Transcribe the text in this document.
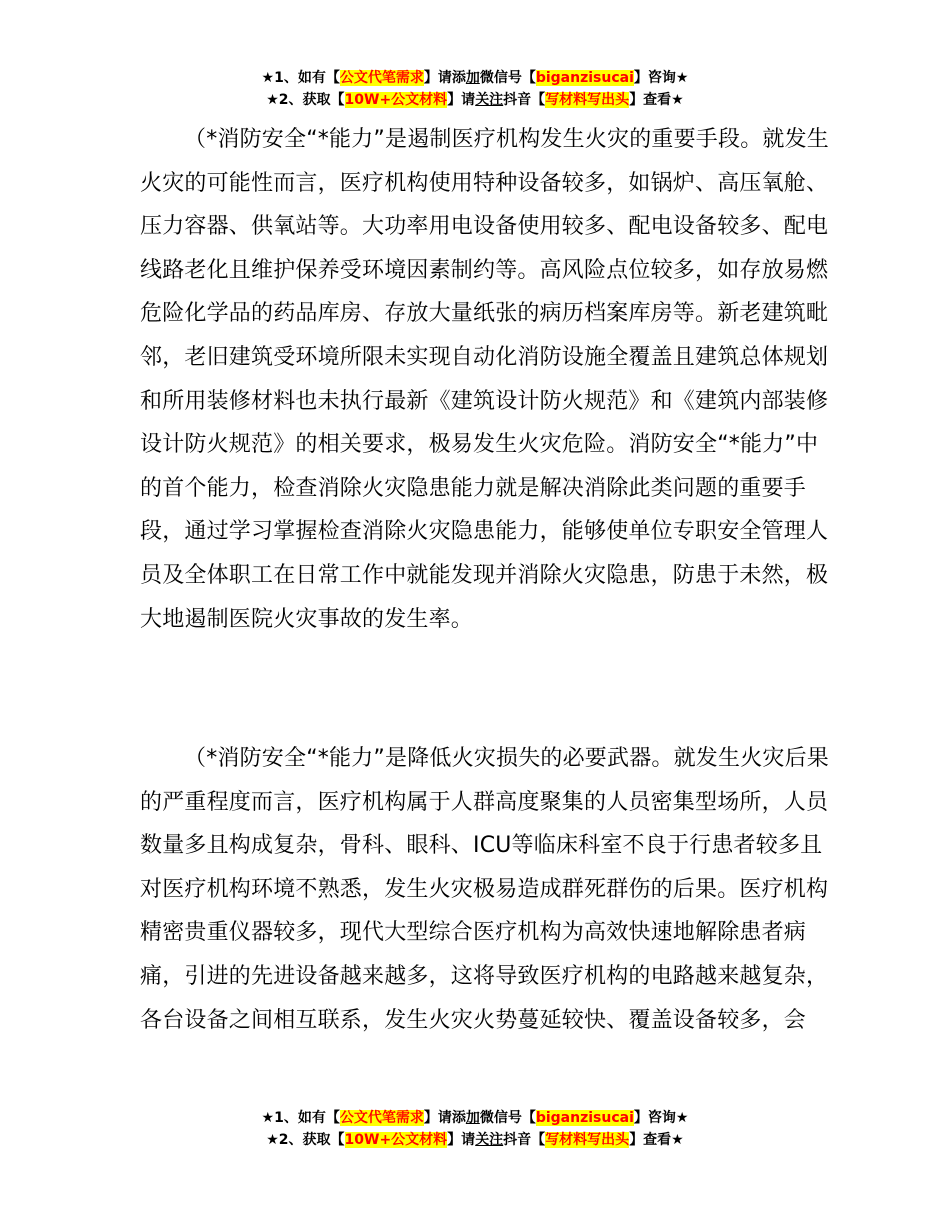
★1、如有【公文代笔需求】请添加微信号【biganzisucai】咨询★
★2、获取【10W+公文材料】请关注抖音【写材料写出头】查看★
（*消防安全“*能力”是遏制医疗机构发生火灾的重要手段。就发生火灾的可能性而言，医疗机构使用特种设备较多，如锅炉、高压氧舱、压力容器、供氧站等。大功率用电设备使用较多、配电设备较多、配电线路老化且维护保养受环境因素制约等。高风险点位较多，如存放易燃危险化学品的药品库房、存放大量纸张的病历档案库房等。新老建筑毗邻，老旧建筑受环境所限未实现自动化消防设施全覆盖且建筑总体规划和所用装修材料也未执行最新《建筑设计防火规范》和《建筑内部装修设计防火规范》的相关要求，极易发生火灾危险。消防安全“*能力”中的首个能力，检查消除火灾隐患能力就是解决消除此类问题的重要手段，通过学习掌握检查消除火灾隐患能力，能够使单位专职安全管理人员及全体职工在日常工作中就能发现并消除火灾隐患，防患于未然，极大地遏制医院火灾事故的发生率。
（*消防安全“*能力”是降低火灾损失的必要武器。就发生火灾后果的严重程度而言，医疗机构属于人群高度聚集的人员密集型场所，人员数量多且构成复杂，骨科、眼科、ICU等临床科室不良于行患者较多且对医疗机构环境不熟悉，发生火灾极易造成群死群伤的后果。医疗机构精密贵重仪器较多，现代大型综合医疗机构为高效快速地解除患者病痛，引进的先进设备越来越多，这将导致医疗机构的电路越来越复杂，各台设备之间相互联系，发生火灾火势蔓延较快、覆盖设备较多，会
★1、如有【公文代笔需求】请添加微信号【biganzisucai】咨询★
★2、获取【10W+公文材料】请关注抖音【写材料写出头】查看★
